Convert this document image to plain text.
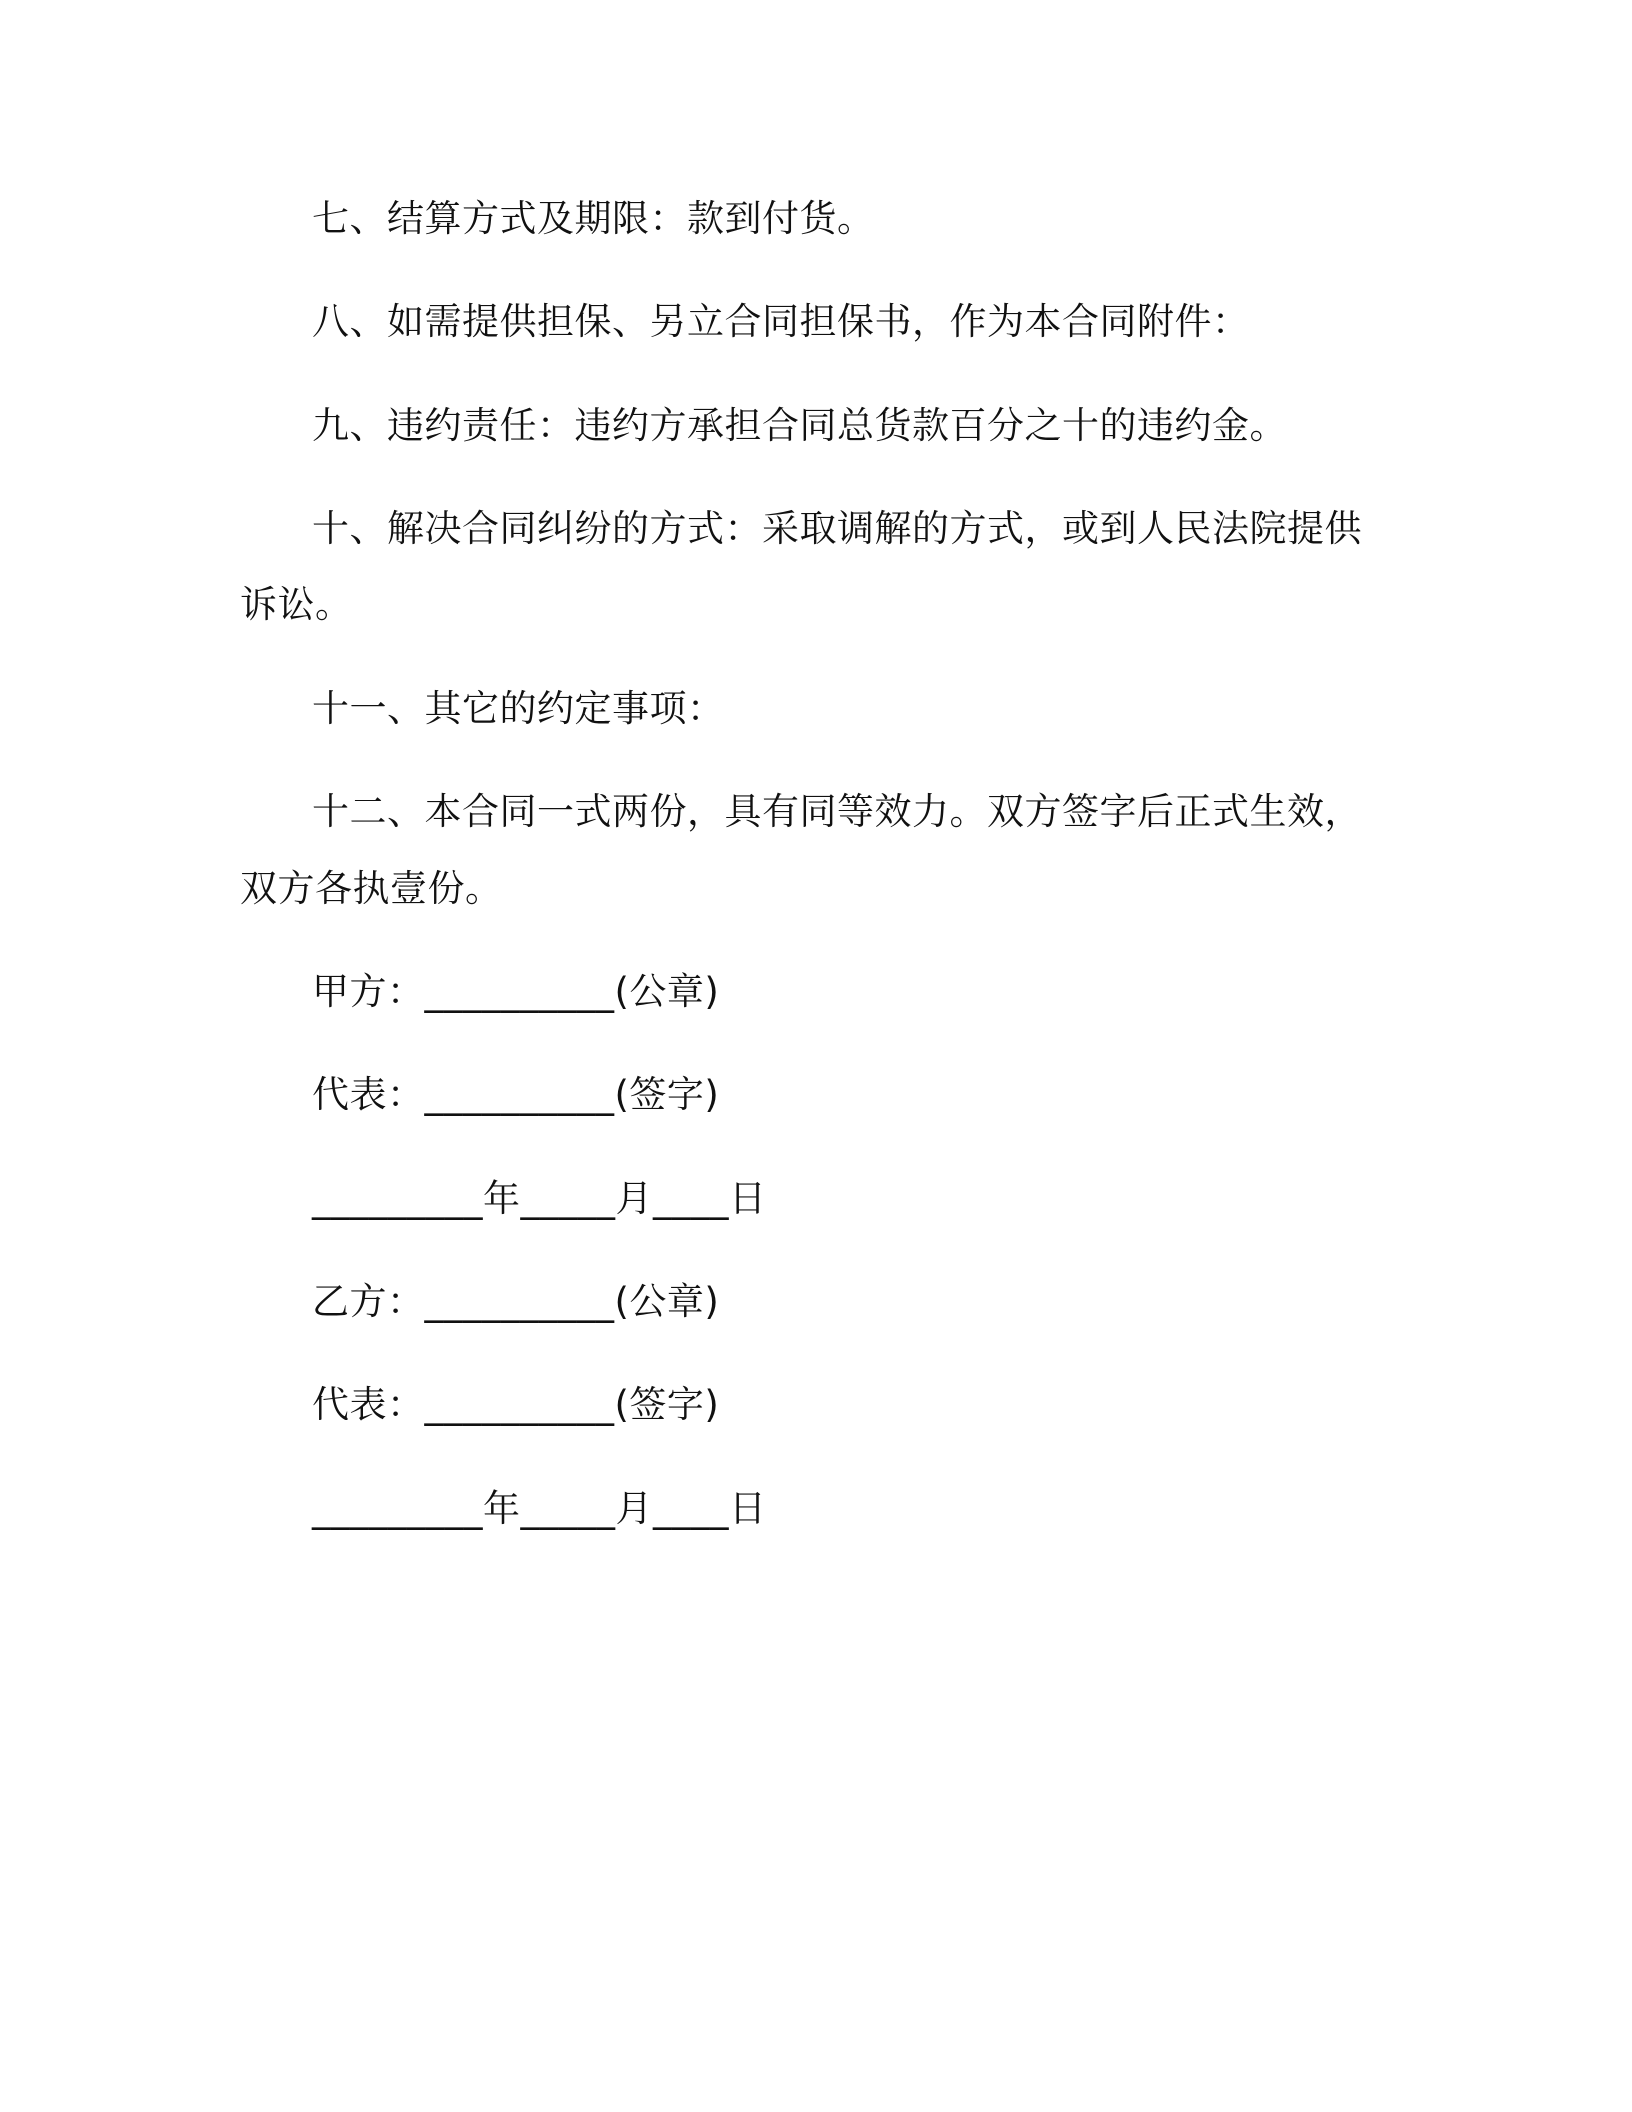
七、结算方式及期限：款到付货。
八、如需提供担保、另立合同担保书，作为本合同附件：
九、违约责任：违约方承担合同总货款百分之十的违约金。
十、解决合同纠纷的方式：采取调解的方式，或到人民法院提供
诉讼。
十一、其它的约定事项：
十二、本合同一式两份，具有同等效力。双方签字后正式生效，
双方各执壹份。
甲方：__________(公章)
代表：__________(签字)
_________年_____月____日
乙方：__________(公章)
代表：__________(签字)
_________年_____月____日
